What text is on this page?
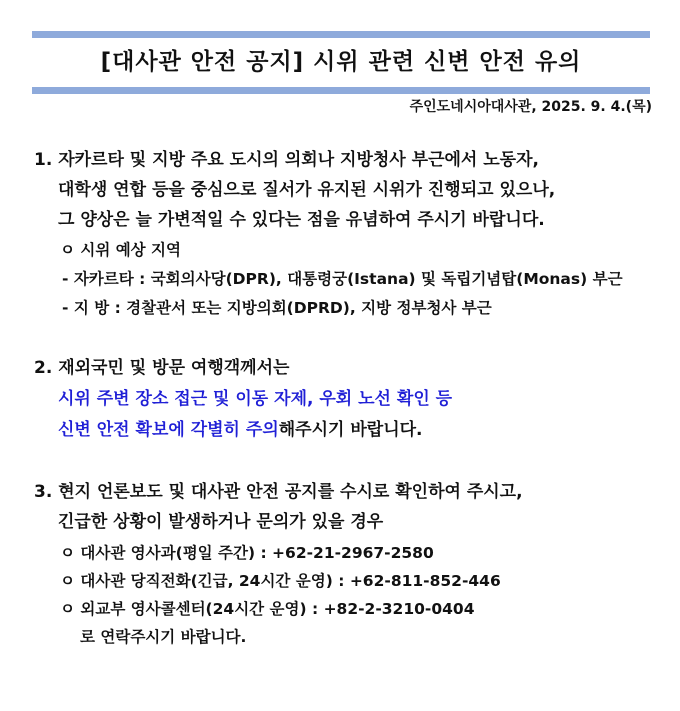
[대사관 안전 공지] 시위 관련 신변 안전 유의
주인도네시아대사관, 2025. 9. 4.(목)
1. 자카르타 및 지방 주요 도시의 의회나 지방청사 부근에서 노동자,
대학생 연합 등을 중심으로 질서가 유지된 시위가 진행되고 있으나,
그 양상은 늘 가변적일 수 있다는 점을 유념하여 주시기 바랍니다.
ㅇ 시위 예상 지역
- 자카르타 : 국회의사당(DPR), 대통령궁(Istana) 및 독립기념탑(Monas) 부근
- 지 방 : 경찰관서 또는 지방의회(DPRD), 지방 정부청사 부근
2. 재외국민 및 방문 여행객께서는
시위 주변 장소 접근 및 이동 자제, 우회 노선 확인 등
신변 안전 확보에 각별히 주의해주시기 바랍니다.
3. 현지 언론보도 및 대사관 안전 공지를 수시로 확인하여 주시고,
긴급한 상황이 발생하거나 문의가 있을 경우
ㅇ 대사관 영사과(평일 주간) : +62-21-2967-2580
ㅇ 대사관 당직전화(긴급, 24시간 운영) : +62-811-852-446
ㅇ 외교부 영사콜센터(24시간 운영) : +82-2-3210-0404
로 연락주시기 바랍니다.
